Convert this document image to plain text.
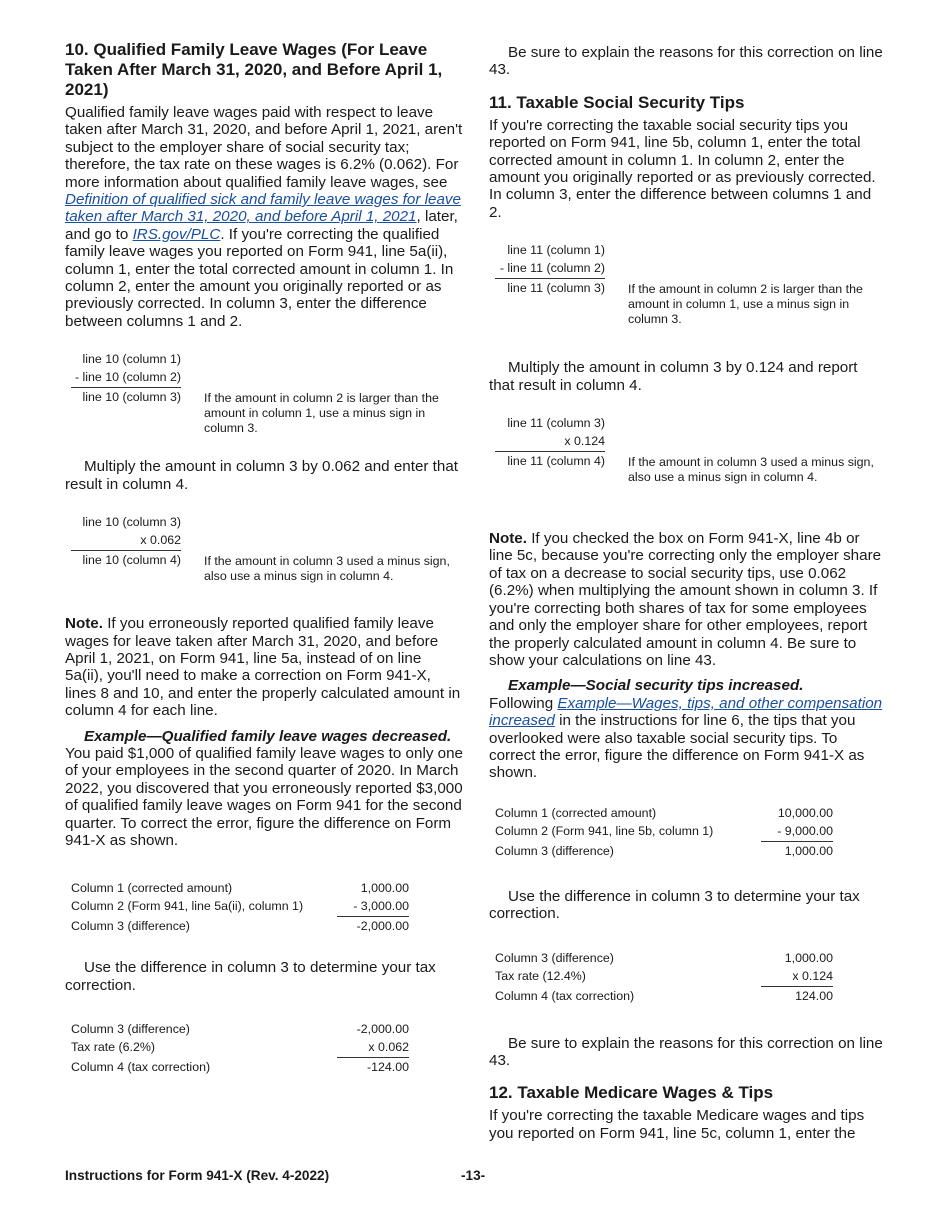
10. Qualified Family Leave Wages (For Leave Taken After March 31, 2020, and Before April 1, 2021)

Qualified family leave wages paid with respect to leave taken after March 31, 2020, and before April 1, 2021, aren't subject to the employer share of social security tax; therefore, the tax rate on these wages is 6.2% (0.062). For more information about qualified family leave wages, see Definition of qualified sick and family leave wages for leave taken after March 31, 2020, and before April 1, 2021, later, and go to IRS.gov/PLC. If you're correcting the qualified family leave wages you reported on Form 941, line 5a(ii), column 1, enter the total corrected amount in column 1. In column 2, enter the amount you originally reported or as previously corrected. In column 3, enter the difference between columns 1 and 2.

line 10 (column 1)
- line 10 (column 2)
line 10 (column 3) If the amount in column 2 is larger than the amount in column 1, use a minus sign in column 3.

Multiply the amount in column 3 by 0.062 and enter that result in column 4.

line 10 (column 3)
x 0.062
line 10 (column 4) If the amount in column 3 used a minus sign, also use a minus sign in column 4.

Note. If you erroneously reported qualified family leave wages for leave taken after March 31, 2020, and before April 1, 2021, on Form 941, line 5a, instead of on line 5a(ii), you'll need to make a correction on Form 941-X, lines 8 and 10, and enter the properly calculated amount in column 4 for each line.

Example—Qualified family leave wages decreased. You paid $1,000 of qualified family leave wages to only one of your employees in the second quarter of 2020. In March 2022, you discovered that you erroneously reported $3,000 of qualified family leave wages on Form 941 for the second quarter. To correct the error, figure the difference on Form 941-X as shown.

Column 1 (corrected amount)	1,000.00
Column 2 (Form 941, line 5a(ii), column 1)	- 3,000.00
Column 3 (difference)	-2,000.00

Use the difference in column 3 to determine your tax correction.

Column 3 (difference)	-2,000.00
Tax rate (6.2%)	x 0.062
Column 4 (tax correction)	-124.00

Be sure to explain the reasons for this correction on line 43.

11. Taxable Social Security Tips

If you're correcting the taxable social security tips you reported on Form 941, line 5b, column 1, enter the total corrected amount in column 1. In column 2, enter the amount you originally reported or as previously corrected. In column 3, enter the difference between columns 1 and 2.

line 11 (column 1)
- line 11 (column 2)
line 11 (column 3) If the amount in column 2 is larger than the amount in column 1, use a minus sign in column 3.

Multiply the amount in column 3 by 0.124 and report that result in column 4.

line 11 (column 3)
x 0.124
line 11 (column 4) If the amount in column 3 used a minus sign, also use a minus sign in column 4.

Note. If you checked the box on Form 941-X, line 4b or line 5c, because you're correcting only the employer share of tax on a decrease to social security tips, use 0.062 (6.2%) when multiplying the amount shown in column 3. If you're correcting both shares of tax for some employees and only the employer share for other employees, report the properly calculated amount in column 4. Be sure to show your calculations on line 43.

Example—Social security tips increased.

Following Example—Wages, tips, and other compensation increased in the instructions for line 6, the tips that you overlooked were also taxable social security tips. To correct the error, figure the difference on Form 941-X as shown.

Column 1 (corrected amount)	10,000.00
Column 2 (Form 941, line 5b, column 1)	- 9,000.00
Column 3 (difference)	1,000.00

Use the difference in column 3 to determine your tax correction.

Column 3 (difference)	1,000.00
Tax rate (12.4%)	x 0.124
Column 4 (tax correction)	124.00

Be sure to explain the reasons for this correction on line 43.

12. Taxable Medicare Wages & Tips

If you're correcting the taxable Medicare wages and tips you reported on Form 941, line 5c, column 1, enter the

Instructions for Form 941-X (Rev. 4-2022)	-13-
